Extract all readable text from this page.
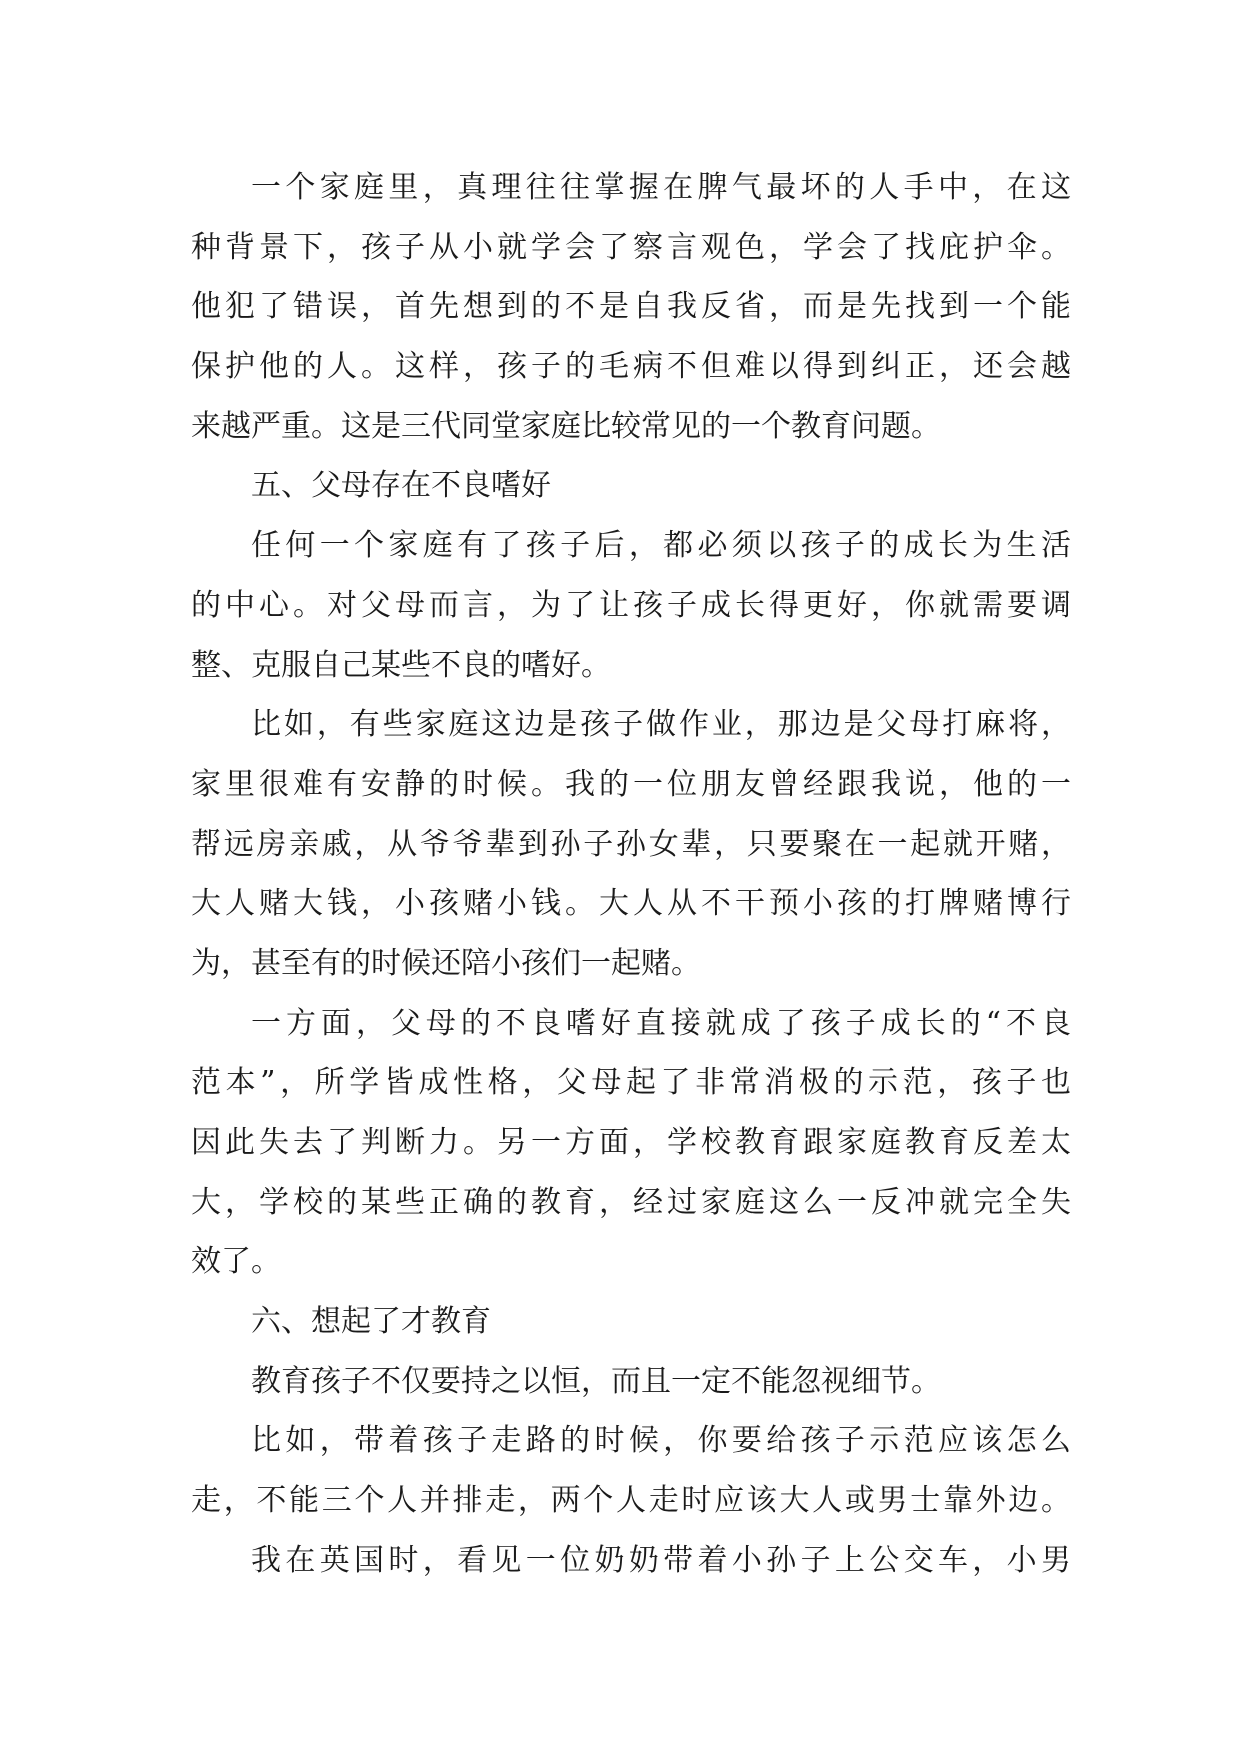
一个家庭里，真理往往掌握在脾气最坏的人手中，在这
种背景下，孩子从小就学会了察言观色，学会了找庇护伞。
他犯了错误，首先想到的不是自我反省，而是先找到一个能
保护他的人。这样，孩子的毛病不但难以得到纠正，还会越
来越严重。这是三代同堂家庭比较常见的一个教育问题。
五、父母存在不良嗜好
任何一个家庭有了孩子后，都必须以孩子的成长为生活
的中心。对父母而言，为了让孩子成长得更好，你就需要调
整、克服自己某些不良的嗜好。
比如，有些家庭这边是孩子做作业，那边是父母打麻将，
家里很难有安静的时候。我的一位朋友曾经跟我说，他的一
帮远房亲戚，从爷爷辈到孙子孙女辈，只要聚在一起就开赌，
大人赌大钱，小孩赌小钱。大人从不干预小孩的打牌赌博行
为，甚至有的时候还陪小孩们一起赌。
一方面，父母的不良嗜好直接就成了孩子成长的“不良
范本”，所学皆成性格，父母起了非常消极的示范，孩子也
因此失去了判断力。另一方面，学校教育跟家庭教育反差太
大，学校的某些正确的教育，经过家庭这么一反冲就完全失
效了。
六、想起了才教育
教育孩子不仅要持之以恒，而且一定不能忽视细节。
比如，带着孩子走路的时候，你要给孩子示范应该怎么
走，不能三个人并排走，两个人走时应该大人或男士靠外边。
我在英国时，看见一位奶奶带着小孙子上公交车，小男
